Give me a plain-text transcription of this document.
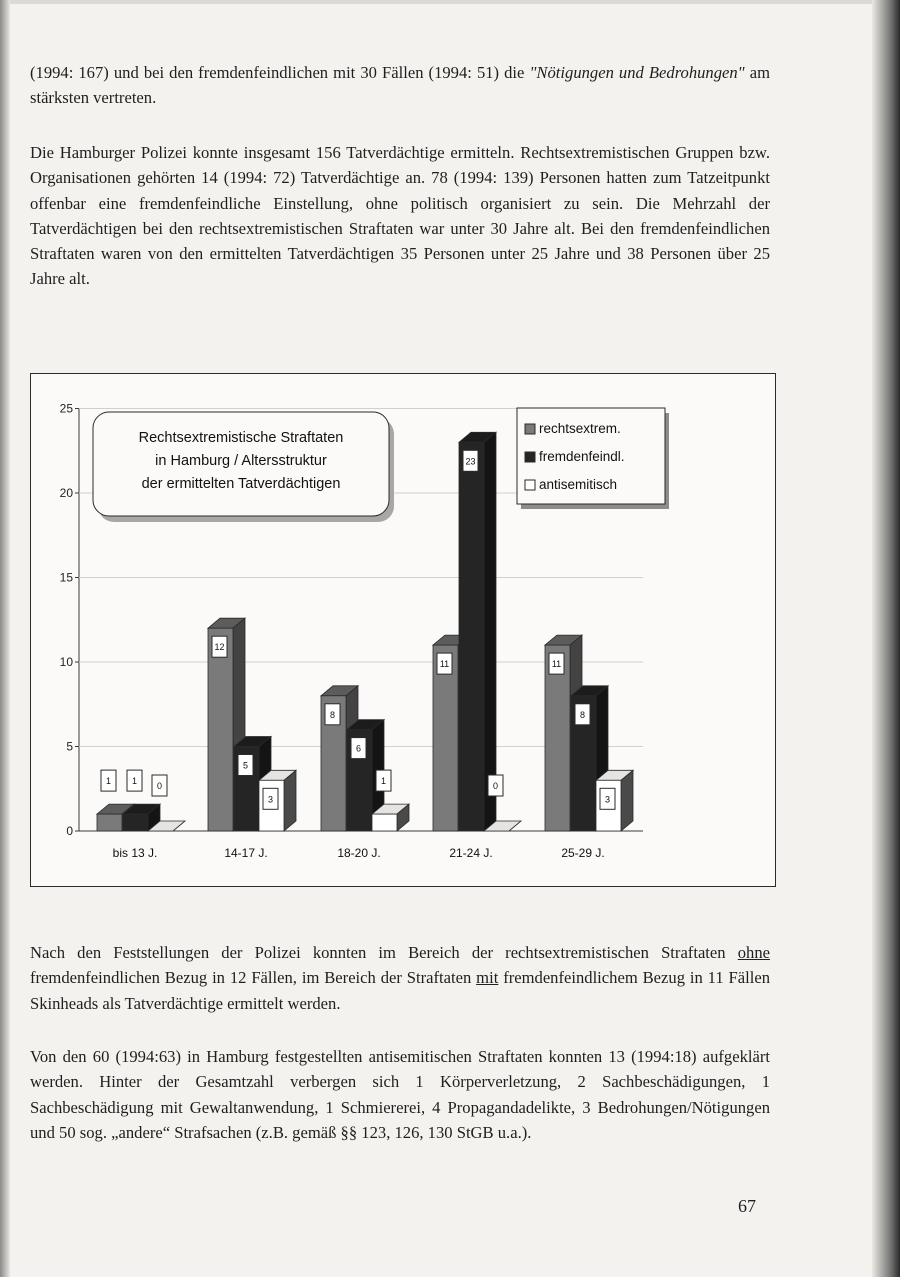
(1994: 167) und bei den fremdenfeindlichen mit 30 Fällen (1994: 51) die "Nötigungen und Bedrohungen" am stärksten vertreten.

Die Hamburger Polizei konnte insgesamt 156 Tatverdächtige ermitteln. Rechtsextremistischen Gruppen bzw. Organisationen gehörten 14 (1994: 72) Tatverdächtige an. 78 (1994: 139) Personen hatten zum Tatzeitpunkt offenbar eine fremdenfeindliche Einstellung, ohne politisch organisiert zu sein. Die Mehrzahl der Tatverdächtigen bei den rechtsextremistischen Straftaten war unter 30 Jahre alt. Bei den fremdenfeindlichen Straftaten waren von den ermittelten Tatverdächtigen 35 Personen unter 25 Jahre und 38 Personen über 25 Jahre alt.

0
5
10
15
20
25
bis 13 J.
1 1 0
14-17 J.
12
5
3
18-20 J.
8
6
1
21-24 J.
11
23
0
25-29 J.
11
8
3
Rechtsextremistische Straftaten
in Hamburg / Altersstruktur
der ermittelten Tatverdächtigen
rechtsextrem.
fremdenfeindl.
antisemitisch

Nach den Feststellungen der Polizei konnten im Bereich der rechtsextremistischen Straftaten ohne fremdenfeindlichen Bezug in 12 Fällen, im Bereich der Straftaten mit fremdenfeindlichem Bezug in 11 Fällen Skinheads als Tatverdächtige ermittelt werden.

Von den 60 (1994:63) in Hamburg festgestellten antisemitischen Straftaten konnten 13 (1994:18) aufgeklärt werden. Hinter der Gesamtzahl verbergen sich 1 Körperverletzung, 2 Sachbeschädigungen, 1 Sachbeschädigung mit Gewaltanwendung, 1 Schmiererei, 4 Propagandadelikte, 3 Bedrohungen/Nötigungen und 50 sog. „andere“ Strafsachen (z.B. gemäß §§ 123, 126, 130 StGB u.a.).

67
